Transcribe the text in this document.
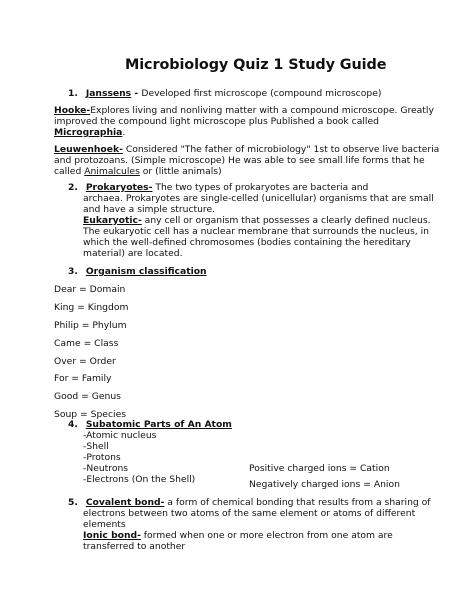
Microbiology Quiz 1 Study Guide
1. Janssens - Developed first microscope (compound microscope)
Hooke-Explores living and nonliving matter with a compound microscope. Greatly
improved the compound light microscope plus Published a book called
Micrographia.
Leuwenhoek- Considered "The father of microbiology" 1st to observe live bacteria
and protozoans. (Simple microscope) He was able to see small life forms that he
called Animalcules or (little animals)
2. Prokaryotes- The two types of prokaryotes are bacteria and
archaea. Prokaryotes are single-celled (unicellular) organisms that are small
and have a simple structure.
Eukaryotic- any cell or organism that possesses a clearly defined nucleus.
The eukaryotic cell has a nuclear membrane that surrounds the nucleus, in
which the well-defined chromosomes (bodies containing the hereditary
material) are located.
3. Organism classification
Dear = Domain
King = Kingdom
Philip = Phylum
Came = Class
Over = Order
For = Family
Good = Genus
Soup = Species
4. Subatomic Parts of An Atom
-Atomic nucleus
-Shell
-Protons
-Neutrons
-Electrons (On the Shell)
Positive charged ions = Cation
Negatively charged ions = Anion
5. Covalent bond- a form of chemical bonding that results from a sharing of
electrons between two atoms of the same element or atoms of different
elements
Ionic bond- formed when one or more electron from one atom are
transferred to another
